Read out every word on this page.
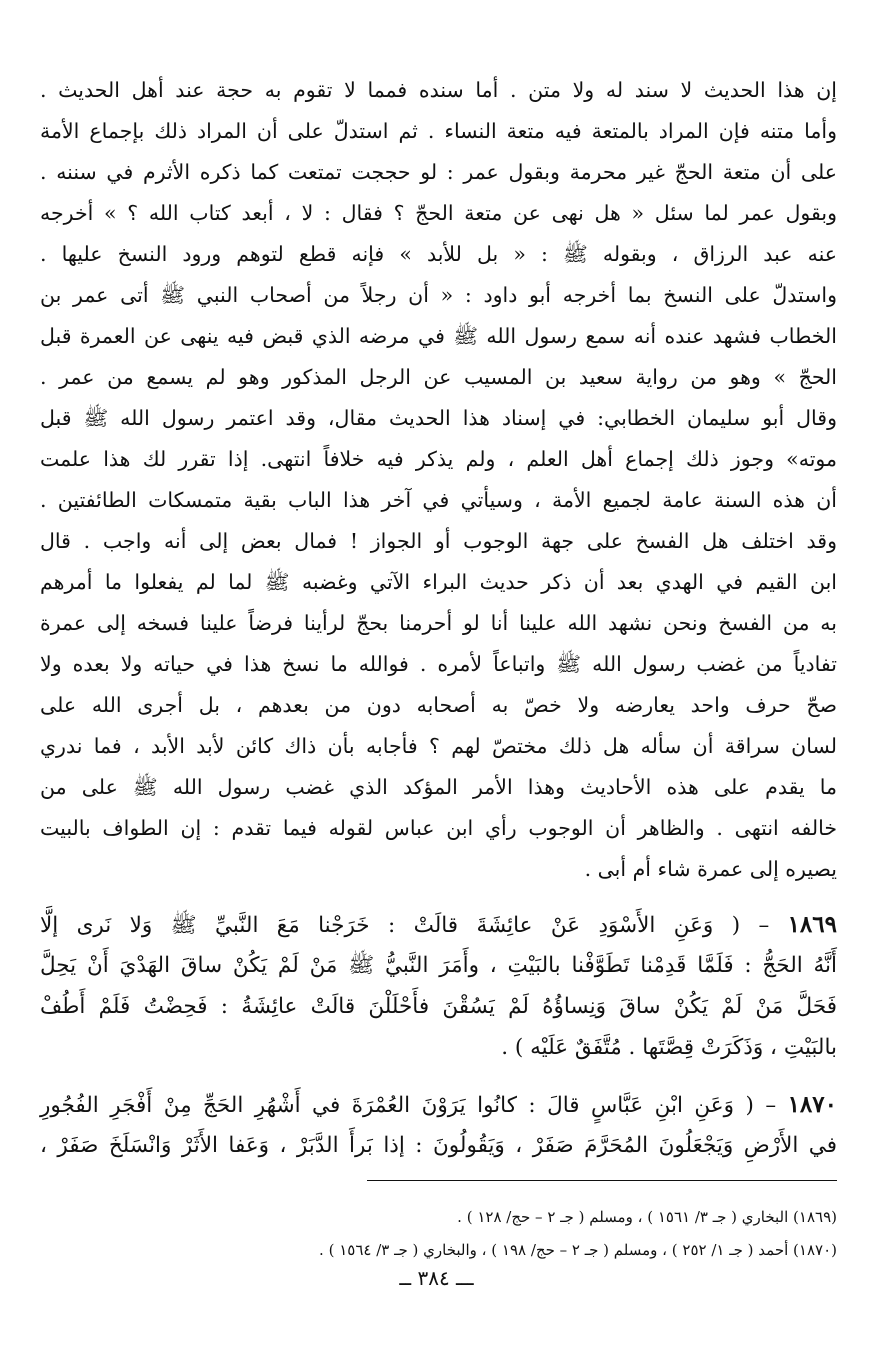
إن هذا الحديث لا سند له ولا متن . أما سنده فمما لا تقوم به حجة عند أهل الحديث .
وأما متنه فإن المراد بالمتعة فيه متعة النساء . ثم استدلّ على أن المراد ذلك بإجماع الأمة
على أن متعة الحجّ غير محرمة وبقول عمر : لو حججت تمتعت كما ذكره الأثرم في سننه .
وبقول عمر لما سئل « هل نهى عن متعة الحجّ ؟ فقال : لا ، أبعد كتاب الله ؟ » أخرجه
عنه عبد الرزاق ، وبقوله ﷺ : « بل للأبد » فإنه قطع لتوهم ورود النسخ عليها .
واستدلّ على النسخ بما أخرجه أبو داود : « أن رجلاً من أصحاب النبي ﷺ أتى عمر بن
الخطاب فشهد عنده أنه سمع رسول الله ﷺ في مرضه الذي قبض فيه ينهى عن العمرة قبل
الحجّ » وهو من رواية سعيد بن المسيب عن الرجل المذكور وهو لم يسمع من عمر .
وقال أبو سليمان الخطابي: في إسناد هذا الحديث مقال، وقد اعتمر رسول الله ﷺ قبل
موته» وجوز ذلك إجماع أهل العلم ، ولم يذكر فيه خلافاً انتهى. إذا تقرر لك هذا علمت
أن هذه السنة عامة لجميع الأمة ، وسيأتي في آخر هذا الباب بقية متمسكات الطائفتين .
وقد اختلف هل الفسخ على جهة الوجوب أو الجواز ! فمال بعض إلى أنه واجب . قال
ابن القيم في الهدي بعد أن ذكر حديث البراء الآتي وغضبه ﷺ لما لم يفعلوا ما أمرهم
به من الفسخ ونحن نشهد الله علينا أنا لو أحرمنا بحجّ لرأينا فرضاً علينا فسخه إلى عمرة
تفادياً من غضب رسول الله ﷺ واتباعاً لأمره . فوالله ما نسخ هذا في حياته ولا بعده ولا
صحّ حرف واحد يعارضه ولا خصّ به أصحابه دون من بعدهم ، بل أجرى الله على
لسان سراقة أن سأله هل ذلك مختصّ لهم ؟ فأجابه بأن ذاك كائن لأبد الأبد ، فما ندري
ما يقدم على هذه الأحاديث وهذا الأمر المؤكد الذي غضب رسول الله ﷺ على من
خالفه انتهى . والظاهر أن الوجوب رأي ابن عباس لقوله فيما تقدم : إن الطواف بالبيت
يصيره إلى عمرة شاء أم أبى .
١٨٦٩ – ( وَعَنِ الأَسْوَدِ عَنْ عائِشَةَ قالَتْ : خَرَجْنا مَعَ النَّبيِّ ﷺ وَلا نَرى إلَّا
أَنَّهُ الحَجُّ : فَلَمَّا قَدِمْنا تَطَوَّفْنا بالبَيْتِ ، وأَمَرَ النَّبيُّ ﷺ مَنْ لَمْ يَكُنْ ساقَ الهَدْيَ أَنْ يَحِلَّ
فَحَلَّ مَنْ لَمْ يَكُنْ ساقَ وَنِساؤُهُ لَمْ يَسُقْنَ فأَحْلَلْنَ قالَتْ عائِشَةُ : فَحِضْتُ فَلَمْ أَطُفْ
بالبَيْتِ ، وَذَكَرَتْ قِصَّتَها . مُتَّفَقٌ عَلَيْه ) .
١٨٧٠ – ( وَعَنِ ابْنِ عَبَّاسٍ قالَ : كانُوا يَرَوْنَ العُمْرَةَ في أَشْهُرِ الحَجِّ مِنْ أَفْجَرِ الفُجُورِ
في الأَرْضِ وَيَجْعَلُونَ المُحَرَّمَ صَفَرْ ، وَيَقُولُونَ : إذا بَرأَ الدَّبَرْ ، وَعَفا الأَثَرْ وَانْسَلَخَ صَفَرْ ،
(١٨٦٩) البخاري ( جـ ٣/ ١٥٦١ ) ، ومسلم ( جـ ٢ – حج/ ١٢٨ ) .
(١٨٧٠) أحمد ( جـ ١/ ٢٥٢ ) ، ومسلم ( جـ ٢ – حج/ ١٩٨ ) ، والبخاري ( جـ ٣/ ١٥٦٤ ) .
ـــ ٣٨٤ ــ
